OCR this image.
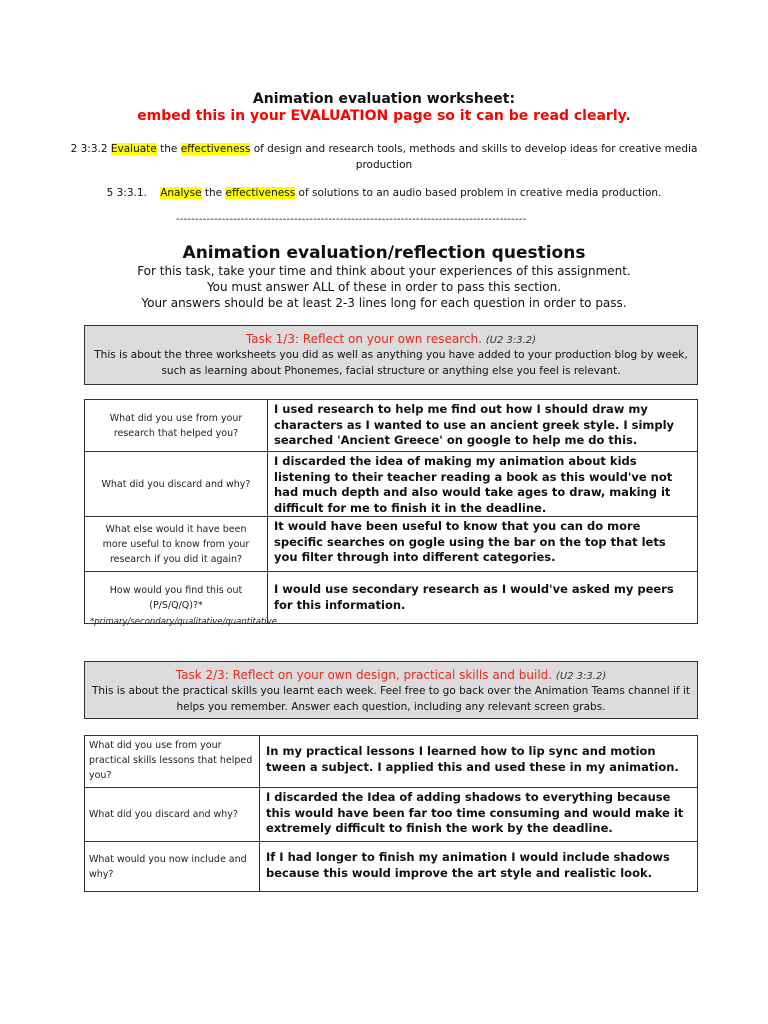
Animation evaluation worksheet:
embed this in your EVALUATION page so it can be read clearly.
2 3:3.2 Evaluate the effectiveness of design and research tools, methods and skills to develop ideas for creative media production
5 3:3.1.    Analyse the effectiveness of solutions to an audio based problem in creative media production.
--------------------------------------------------------------------------------------------
Animation evaluation/reflection questions
For this task, take your time and think about your experiences of this assignment.
You must answer ALL of these in order to pass this section.
Your answers should be at least 2-3 lines long for each question in order to pass.
Task 1/3: Reflect on your own research. (U2 3:3.2)
This is about the three worksheets you did as well as anything you have added to your production blog by week, such as learning about Phonemes, facial structure or anything else you feel is relevant.
What did you use from your research that helped you?	I used research to help me find out how I should draw my characters as I wanted to use an ancient greek style. I simply searched 'Ancient Greece' on google to help me do this.
What did you discard and why?	I discarded the idea of making my animation about kids listening to their teacher reading a book as this would've not had much depth and also would take ages to draw, making it difficult for me to finish it in the deadline.
What else would it have been more useful to know from your research if you did it again?	It would have been useful to know that you can do more specific searches on gogle using the bar on the top that lets you filter through into different categories.
How would you find this out (P/S/Q/Q)?*	I would use secondary research as I would've asked my peers for this information.
*primary/secondary/qualitative/quantitative
Task 2/3: Reflect on your own design, practical skills and build. (U2 3:3.2)
This is about the practical skills you learnt each week. Feel free to go back over the Animation Teams channel if it helps you remember. Answer each question, including any relevant screen grabs.
What did you use from your practical skills lessons that helped you?	In my practical lessons I learned how to lip sync and motion tween a subject. I applied this and used these in my animation.
What did you discard and why?	I discarded the Idea of adding shadows to everything because this would have been far too time consuming and would make it extremely difficult to finish the work by the deadline.
What would you now include and why?	If I had longer to finish my animation I would include shadows because this would improve the art style and realistic look.
